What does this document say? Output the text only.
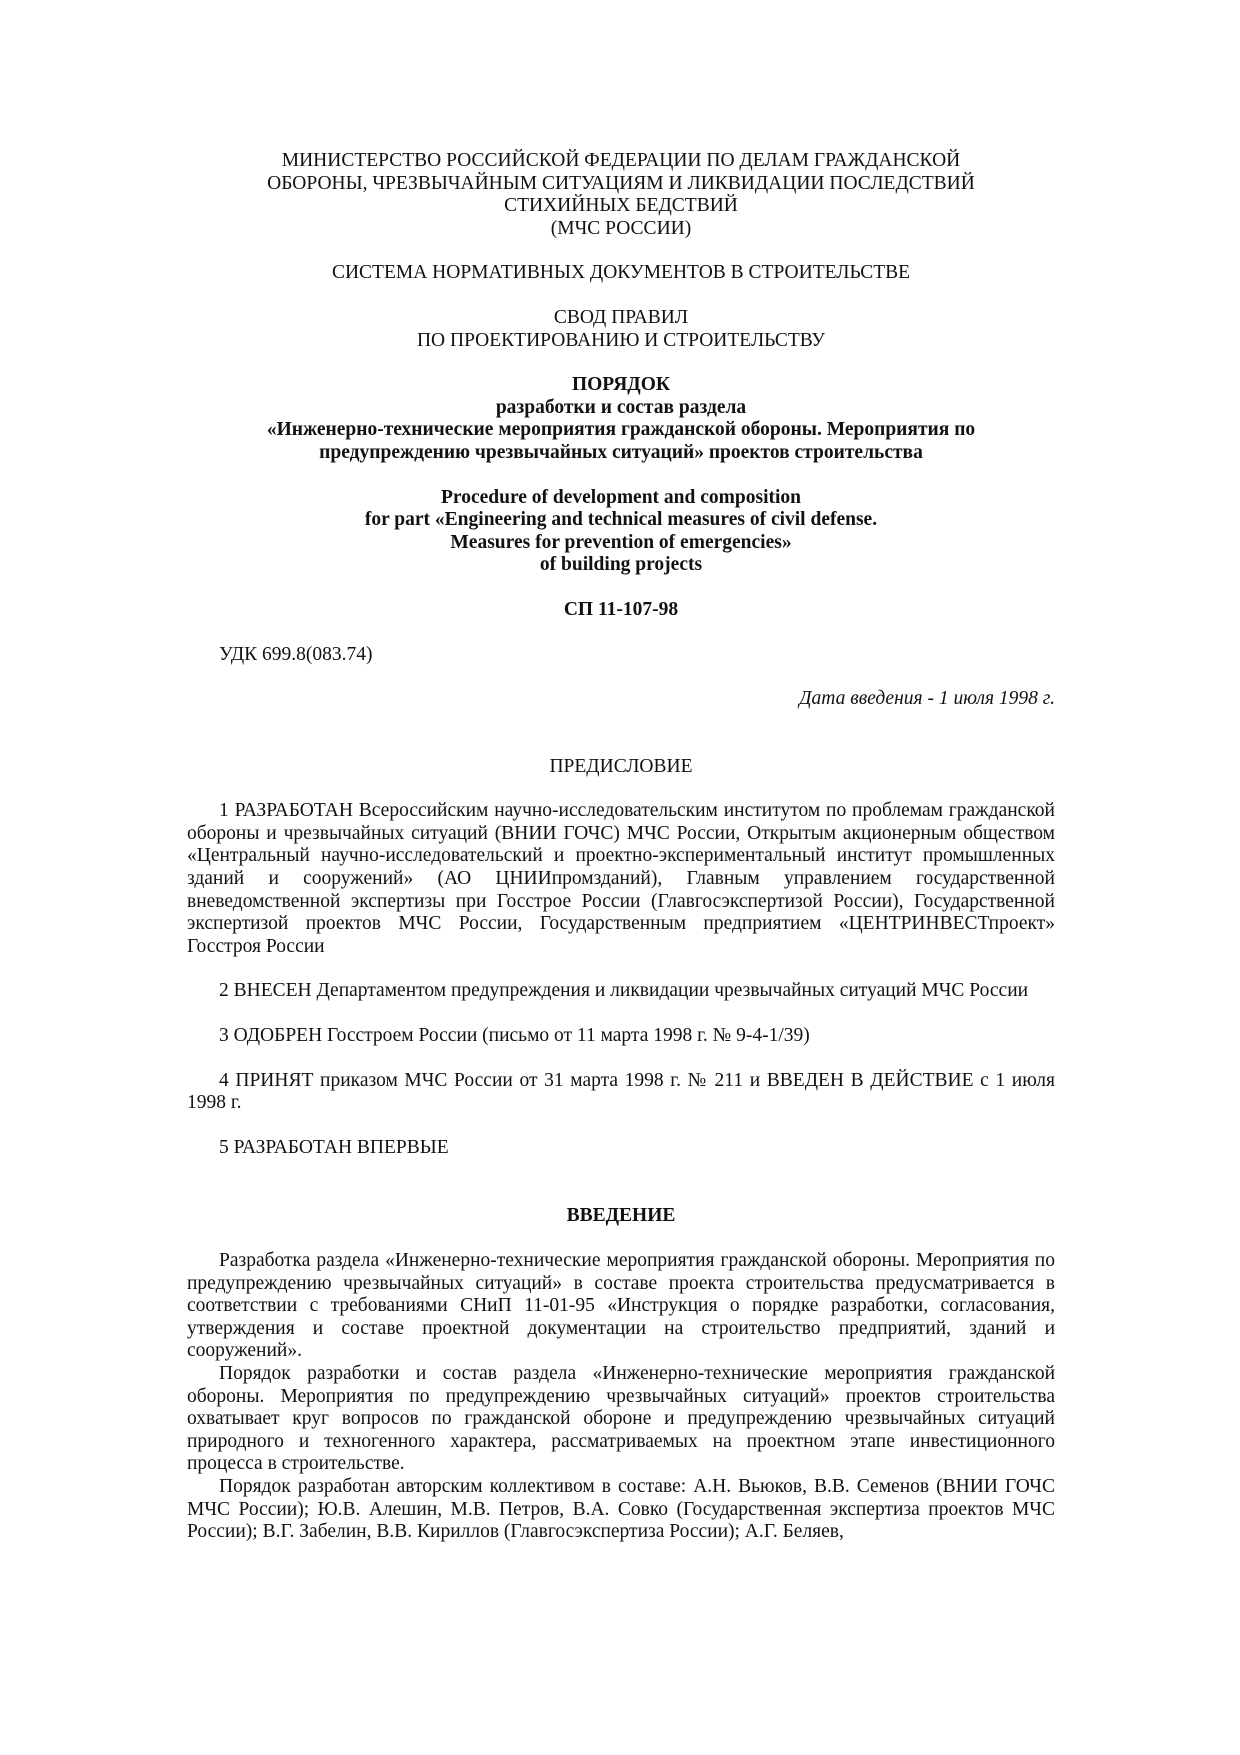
МИНИСТЕРСТВО РОССИЙСКОЙ ФЕДЕРАЦИИ ПО ДЕЛАМ ГРАЖДАНСКОЙ
ОБОРОНЫ, ЧРЕЗВЫЧАЙНЫМ СИТУАЦИЯМ И ЛИКВИДАЦИИ ПОСЛЕДСТВИЙ
СТИХИЙНЫХ БЕДСТВИЙ
(МЧС РОССИИ)
СИСТЕМА НОРМАТИВНЫХ ДОКУМЕНТОВ В СТРОИТЕЛЬСТВЕ
СВОД ПРАВИЛ
ПО ПРОЕКТИРОВАНИЮ И СТРОИТЕЛЬСТВУ
ПОРЯДОК
разработки и состав раздела
«Инженерно-технические мероприятия гражданской обороны. Мероприятия по
предупреждению чрезвычайных ситуаций» проектов строительства
Procedure of development and composition
for part «Engineering and technical measures of civil defense.
Measures for prevention of emergencies»
of building projects
СП 11-107-98
УДК 699.8(083.74)
Дата введения - 1 июля 1998 г.
ПРЕДИСЛОВИЕ
1 РАЗРАБОТАН Всероссийским научно-исследовательским институтом по проблемам гражданской обороны и чрезвычайных ситуаций (ВНИИ ГОЧС) МЧС России, Открытым акционерным обществом «Центральный научно-исследовательский и проектно-экспериментальный институт промышленных зданий и сооружений» (АО ЦНИИпромзданий), Главным управлением государственной вневедомственной экспертизы при Госстрое России (Главгосэкспертизой России), Государственной экспертизой проектов МЧС России, Государственным предприятием «ЦЕНТРИНВЕСТпроект» Госстроя России
2 ВНЕСЕН Департаментом предупреждения и ликвидации чрезвычайных ситуаций МЧС России
3 ОДОБРЕН Госстроем России (письмо от 11 марта 1998 г. № 9-4-1/39)
4 ПРИНЯТ приказом МЧС России от 31 марта 1998 г. № 211 и ВВЕДЕН В ДЕЙСТВИЕ с 1 июля 1998 г.
5 РАЗРАБОТАН ВПЕРВЫЕ
ВВЕДЕНИЕ
Разработка раздела «Инженерно-технические мероприятия гражданской обороны. Мероприятия по предупреждению чрезвычайных ситуаций» в составе проекта строительства предусматривается в соответствии с требованиями СНиП 11-01-95 «Инструкция о порядке разработки, согласования, утверждения и составе проектной документации на строительство предприятий, зданий и сооружений».
Порядок разработки и состав раздела «Инженерно-технические мероприятия гражданской обороны. Мероприятия по предупреждению чрезвычайных ситуаций» проектов строительства охватывает круг вопросов по гражданской обороне и предупреждению чрезвычайных ситуаций природного и техногенного характера, рассматриваемых на проектном этапе инвестиционного процесса в строительстве.
Порядок разработан авторским коллективом в составе: А.Н. Вьюков, В.В. Семенов (ВНИИ ГОЧС МЧС России); Ю.В. Алешин, М.В. Петров, В.А. Совко (Государственная экспертиза проектов МЧС России); В.Г. Забелин, В.В. Кириллов (Главгосэкспертиза России); А.Г. Беляев,
